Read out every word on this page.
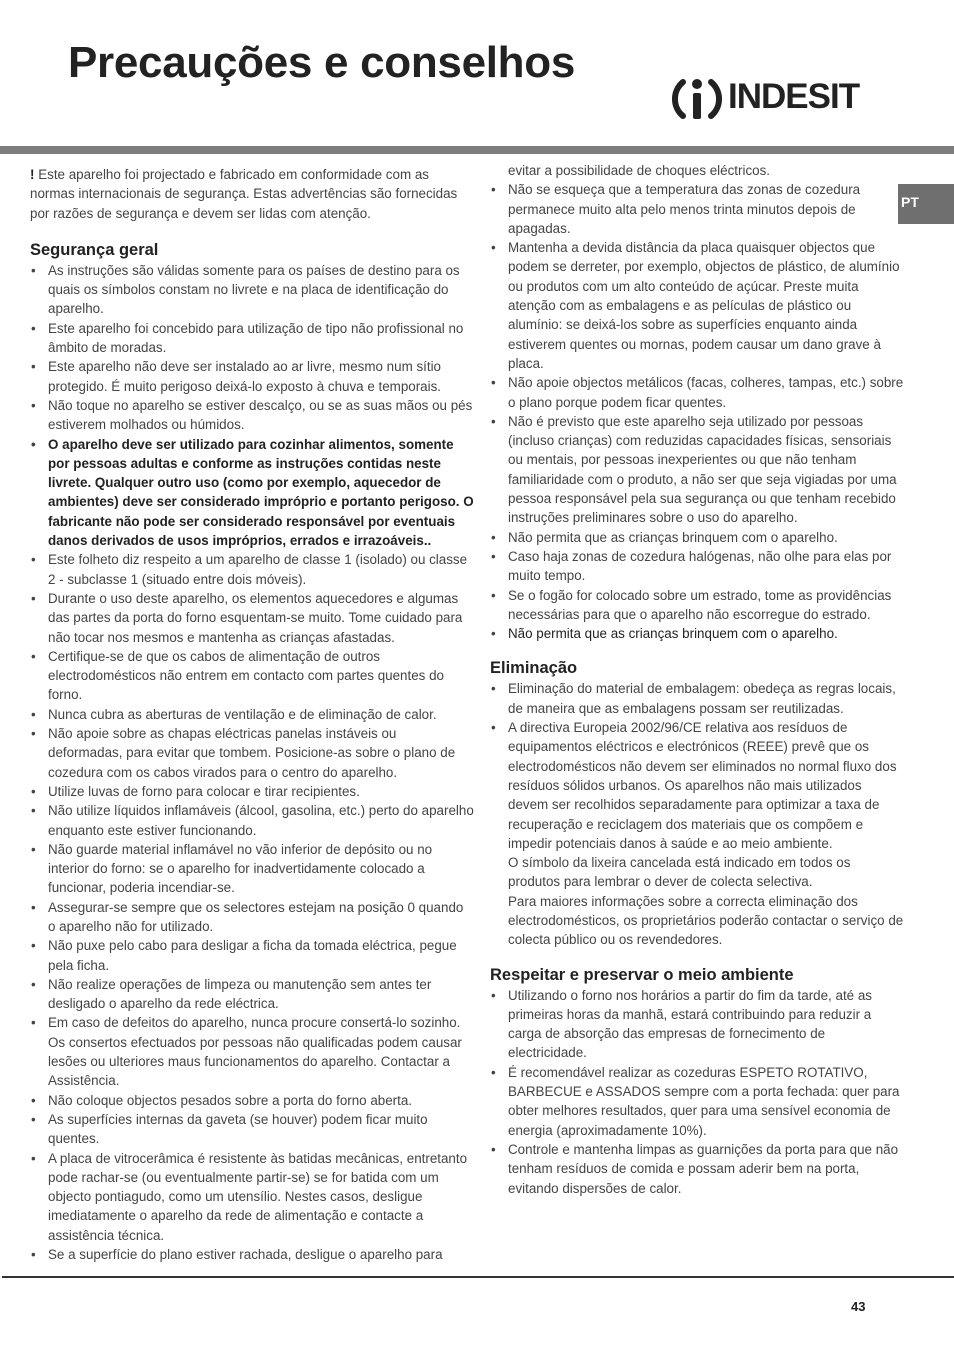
Precauções e conselhos
INDESIT
PT

! Este aparelho foi projectado e fabricado em conformidade com as normas internacionais de segurança. Estas advertências são fornecidas por razões de segurança e devem ser lidas com atenção.

Segurança geral
• As instruções são válidas somente para os países de destino para os quais os símbolos constam no livrete e na placa de identificação do aparelho.
• Este aparelho foi concebido para utilização de tipo não profissional no âmbito de moradas.
• Este aparelho não deve ser instalado ao ar livre, mesmo num sítio protegido. É muito perigoso deixá-lo exposto à chuva e temporais.
• Não toque no aparelho se estiver descalço, ou se as suas mãos ou pés estiverem molhados ou húmidos.
• O aparelho deve ser utilizado para cozinhar alimentos, somente por pessoas adultas e conforme as instruções contidas neste livrete. Qualquer outro uso (como por exemplo, aquecedor de ambientes) deve ser considerado impróprio e portanto perigoso. O fabricante não pode ser considerado responsável por eventuais danos derivados de usos impróprios, errados e irrazoáveis..
• Este folheto diz respeito a um aparelho de classe 1 (isolado) ou classe 2 - subclasse 1 (situado entre dois móveis).
• Durante o uso deste aparelho, os elementos aquecedores e algumas das partes da porta do forno esquentam-se muito. Tome cuidado para não tocar nos mesmos e mantenha as crianças afastadas.
• Certifique-se de que os cabos de alimentação de outros electrodomésticos não entrem em contacto com partes quentes do forno.
• Nunca cubra as aberturas de ventilação e de eliminação de calor.
• Não apoie sobre as chapas eléctricas panelas instáveis ou deformadas, para evitar que tombem. Posicione-as sobre o plano de cozedura com os cabos virados para o centro do aparelho.
• Utilize luvas de forno para colocar e tirar recipientes.
• Não utilize líquidos inflamáveis (álcool, gasolina, etc.) perto do aparelho enquanto este estiver funcionando.
• Não guarde material inflamável no vão inferior de depósito ou no interior do forno: se o aparelho for inadvertidamente colocado a funcionar, poderia incendiar-se.
• Assegurar-se sempre que os selectores estejam na posição 0 quando o aparelho não for utilizado.
• Não puxe pelo cabo para desligar a ficha da tomada eléctrica, pegue pela ficha.
• Não realize operações de limpeza ou manutenção sem antes ter desligado o aparelho da rede eléctrica.
• Em caso de defeitos do aparelho, nunca procure consertá-lo sozinho. Os consertos efectuados por pessoas não qualificadas podem causar lesões ou ulteriores maus funcionamentos do aparelho. Contactar a Assistência.
• Não coloque objectos pesados sobre a porta do forno aberta.
• As superfícies internas da gaveta (se houver) podem ficar muito quentes.
• A placa de vitrocerâmica é resistente às batidas mecânicas, entretanto pode rachar-se (ou eventualmente partir-se) se for batida com um objecto pontiagudo, como um utensílio. Nestes casos, desligue imediatamente o aparelho da rede de alimentação e contacte a assistência técnica.
• Se a superfície do plano estiver rachada, desligue o aparelho para

evitar a possibilidade de choques eléctricos.

• Não se esqueça que a temperatura das zonas de cozedura permanece muito alta pelo menos trinta minutos depois de apagadas.
• Mantenha a devida distância da placa quaisquer objectos que podem se derreter, por exemplo, objectos de plástico, de alumínio ou produtos com um alto conteúdo de açúcar. Preste muita atenção com as embalagens e as películas de plástico ou alumínio: se deixá-los sobre as superfícies enquanto ainda estiverem quentes ou mornas, podem causar um dano grave à placa.
• Não apoie objectos metálicos (facas, colheres, tampas, etc.) sobre o plano porque podem ficar quentes.
• Não é previsto que este aparelho seja utilizado por pessoas (incluso crianças) com reduzidas capacidades físicas, sensoriais ou mentais, por pessoas inexperientes ou que não tenham familiaridade com o produto, a não ser que seja vigiadas por uma pessoa responsável pela sua segurança ou que tenham recebido instruções preliminares sobre o uso do aparelho.
• Não permita que as crianças brinquem com o aparelho.
• Caso haja zonas de cozedura halógenas, não olhe para elas por muito tempo.
• Se o fogão for colocado sobre um estrado, tome as providências necessárias para que o aparelho não escorregue do estrado.
• Não permita que as crianças brinquem com o aparelho.
Eliminação
• Eliminação do material de embalagem: obedeça as regras locais, de maneira que as embalagens possam ser reutilizadas.
• A directiva Europeia 2002/96/CE relativa aos resíduos de equipamentos eléctricos e electrónicos (REEE) prevê que os electrodomésticos não devem ser eliminados no normal fluxo dos resíduos sólidos urbanos. Os aparelhos não mais utilizados devem ser recolhidos separadamente para optimizar a taxa de recuperação e reciclagem dos materiais que os compõem e impedir potenciais danos à saúde e ao meio ambiente.
O símbolo da lixeira cancelada está indicado em todos os produtos para lembrar o dever de colecta selectiva.
Para maiores informações sobre a correcta eliminação dos electrodomésticos, os proprietários poderão contactar o serviço de colecta público ou os revendedores.
Respeitar e preservar o meio ambiente
• Utilizando o forno nos horários a partir do fim da tarde, até as primeiras horas da manhã, estará contribuindo para reduzir a carga de absorção das empresas de fornecimento de electricidade.
• É recomendável realizar as cozeduras ESPETO ROTATIVO, BARBECUE e ASSADOS sempre com a porta fechada: quer para obter melhores resultados, quer para uma sensível economia de energia (aproximadamente 10%).
• Controle e mantenha limpas as guarnições da porta para que não tenham resíduos de comida e possam aderir bem na porta, evitando dispersões de calor.
43
